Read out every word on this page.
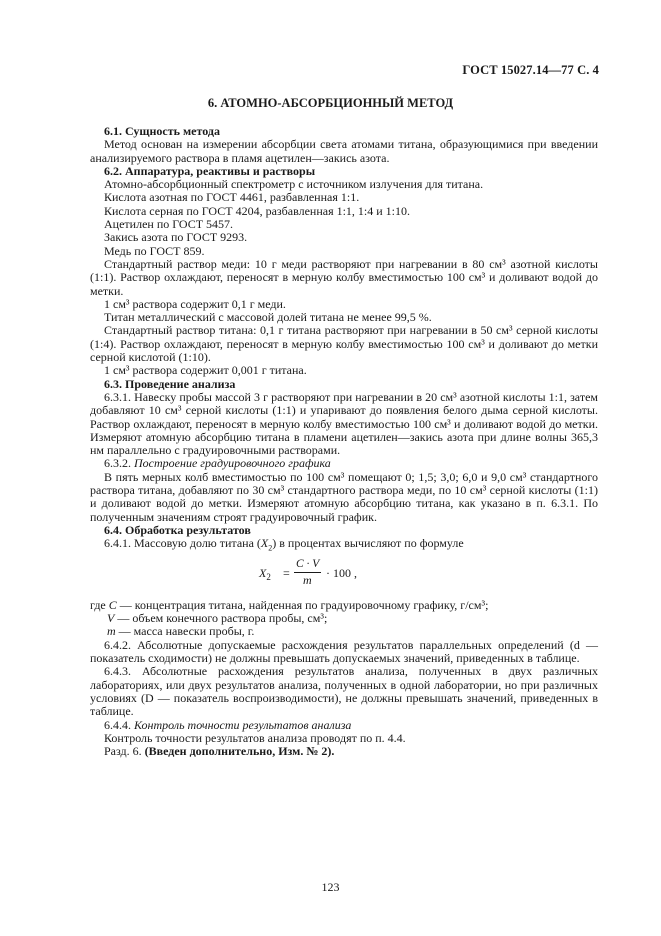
ГОСТ 15027.14—77 С. 4
6. АТОМНО-АБСОРБЦИОННЫЙ МЕТОД

6.1. Сущность метода

Метод основан на измерении абсорбции света атомами титана, образующимися при введении анализируемого раствора в пламя ацетилен—закись азота.

6.2. Аппаратура, реактивы и растворы

Атомно-абсорбционный спектрометр с источником излучения для титана.

Кислота азотная по ГОСТ 4461, разбавленная 1:1.

Кислота серная по ГОСТ 4204, разбавленная 1:1, 1:4 и 1:10.

Ацетилен по ГОСТ 5457.

Закись азота по ГОСТ 9293.

Медь по ГОСТ 859.

Стандартный раствор меди: 10 г меди растворяют при нагревании в 80 см³ азотной кислоты (1:1). Раствор охлаждают, переносят в мерную колбу вместимостью 100 см³ и доливают водой до метки.

1 см³ раствора содержит 0,1 г меди.

Титан металлический с массовой долей титана не менее 99,5 %.

Стандартный раствор титана: 0,1 г титана растворяют при нагревании в 50 см³ серной кислоты (1:4). Раствор охлаждают, переносят в мерную колбу вместимостью 100 см³ и доливают до метки серной кислотой (1:10).

1 см³ раствора содержит 0,001 г титана.

6.3. Проведение анализа

6.3.1. Навеску пробы массой 3 г растворяют при нагревании в 20 см³ азотной кислоты 1:1, затем добавляют 10 см³ серной кислоты (1:1) и упаривают до появления белого дыма серной кислоты. Раствор охлаждают, переносят в мерную колбу вместимостью 100 см³ и доливают водой до метки. Измеряют атомную абсорбцию титана в пламени ацетилен—закись азота при длине волны 365,3 нм параллельно с градуировочными растворами.

6.3.2. Построение градуировочного графика

В пять мерных колб вместимостью по 100 см³ помещают 0; 1,5; 3,0; 6,0 и 9,0 см³ стандартного раствора титана, добавляют по 30 см³ стандартного раствора меди, по 10 см³ серной кислоты (1:1) и доливают водой до метки. Измеряют атомную абсорбцию титана, как указано в п. 6.3.1. По полученным значениям строят градуировочный график.

6.4. Обработка результатов

6.4.1. Массовую долю титана $(X_2)$ в процентах вычисляют по формуле

$X_2$ =
C · V
m · 100 ,

где C — концентрация титана, найденная по градуировочному графику, г/см³;

V — объем конечного раствора пробы, см³;

m — масса навески пробы, г.

6.4.2. Абсолютные допускаемые расхождения результатов параллельных определений (d — показатель сходимости) не должны превышать допускаемых значений, приведенных в таблице.

6.4.3. Абсолютные расхождения результатов анализа, полученных в двух различных лабораториях, или двух результатов анализа, полученных в одной лаборатории, но при различных условиях (D — показатель воспроизводимости), не должны превышать значений, приведенных в таблице.

6.4.4. Контроль точности результатов анализа

Контроль точности результатов анализа проводят по п. 4.4.

Разд. 6. (Введен дополнительно, Изм. № 2).

123
